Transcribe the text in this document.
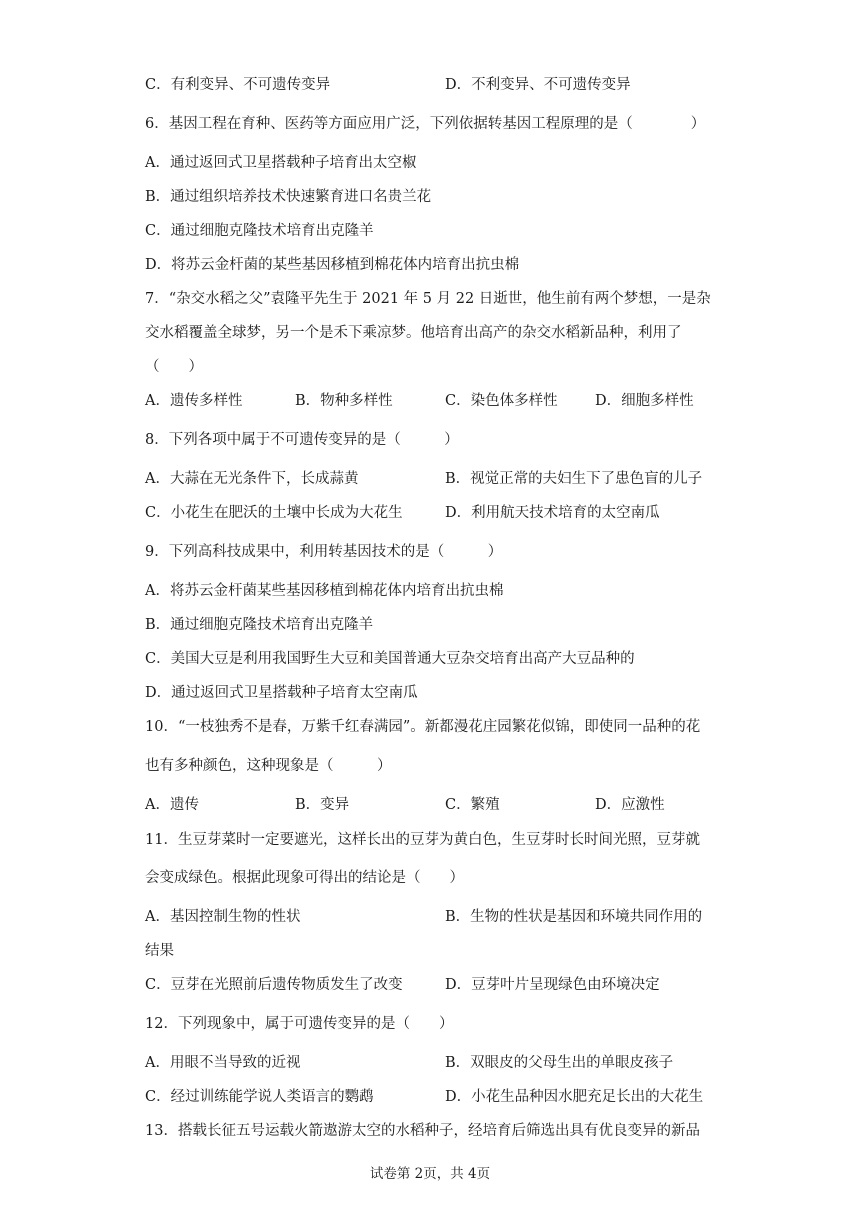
C．有利变异、不可遗传变异	D．不利变异、不可遗传变异
6．基因工程在育种、医药等方面应用广泛，下列依据转基因工程原理的是（　　　　）
A．通过返回式卫星搭载种子培育出太空椒
B．通过组织培养技术快速繁育进口名贵兰花
C．通过细胞克隆技术培育出克隆羊
D．将苏云金杆菌的某些基因移植到棉花体内培育出抗虫棉
7．“杂交水稻之父”袁隆平先生于 2021 年 5 月 22 日逝世，他生前有两个梦想，一是杂
交水稻覆盖全球梦，另一个是禾下乘凉梦。他培育出高产的杂交水稻新品种，利用了
（　　）
A．遗传多样性	B．物种多样性	C．染色体多样性	D．细胞多样性
8．下列各项中属于不可遗传变异的是（　　　）
A．大蒜在无光条件下，长成蒜黄	B．视觉正常的夫妇生下了患色盲的儿子
C．小花生在肥沃的土壤中长成为大花生	D．利用航天技术培育的太空南瓜
9．下列高科技成果中，利用转基因技术的是（　　　）
A．将苏云金杆菌某些基因移植到棉花体内培育出抗虫棉
B．通过细胞克隆技术培育出克隆羊
C．美国大豆是利用我国野生大豆和美国普通大豆杂交培育出高产大豆品种的
D．通过返回式卫星搭载种子培育太空南瓜
10．“一枝独秀不是春，万紫千红春满园”。新都漫花庄园繁花似锦，即使同一品种的花
也有多种颜色，这种现象是（　　　）
A．遗传	B．变异	C．繁殖	D．应激性
11．生豆芽菜时一定要遮光，这样长出的豆芽为黄白色，生豆芽时长时间光照，豆芽就
会变成绿色。根据此现象可得出的结论是（　　）
A．基因控制生物的性状	B．生物的性状是基因和环境共同作用的
结果
C．豆芽在光照前后遗传物质发生了改变	D．豆芽叶片呈现绿色由环境决定
12．下列现象中，属于可遗传变异的是（　　）
A．用眼不当导致的近视	B．双眼皮的父母生出的单眼皮孩子
C．经过训练能学说人类语言的鹦鹉	D．小花生品种因水肥充足长出的大花生
13．搭载长征五号运载火箭遨游太空的水稻种子，经培育后筛选出具有优良变异的新品
试卷第 2页，共 4页
